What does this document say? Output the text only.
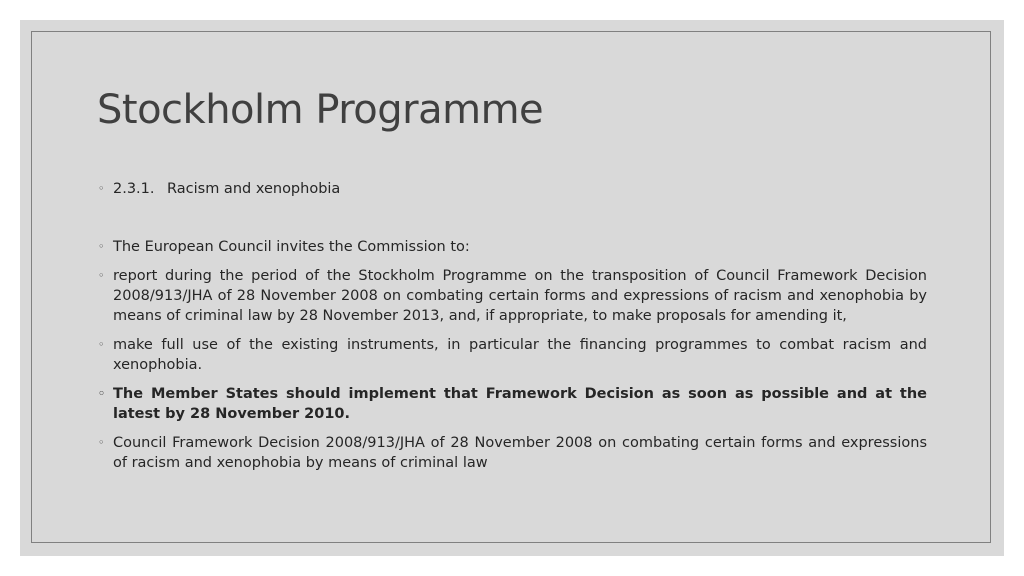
Stockholm Programme
◦ 2.3.1. Racism and xenophobia
◦ The European Council invites the Commission to:
◦ report during the period of the Stockholm Programme on the transposition of Council Framework Decision 2008/913/JHA of 28 November 2008 on combating certain forms and expressions of racism and xenophobia by means of criminal law by 28 November 2013, and, if appropriate, to make proposals for amending it,
◦ make full use of the existing instruments, in particular the financing programmes to combat racism and xenophobia.
◦ The Member States should implement that Framework Decision as soon as possible and at the latest by 28 November 2010.
◦ Council Framework Decision 2008/913/JHA of 28 November 2008 on combating certain forms and expressions of racism and xenophobia by means of criminal law
